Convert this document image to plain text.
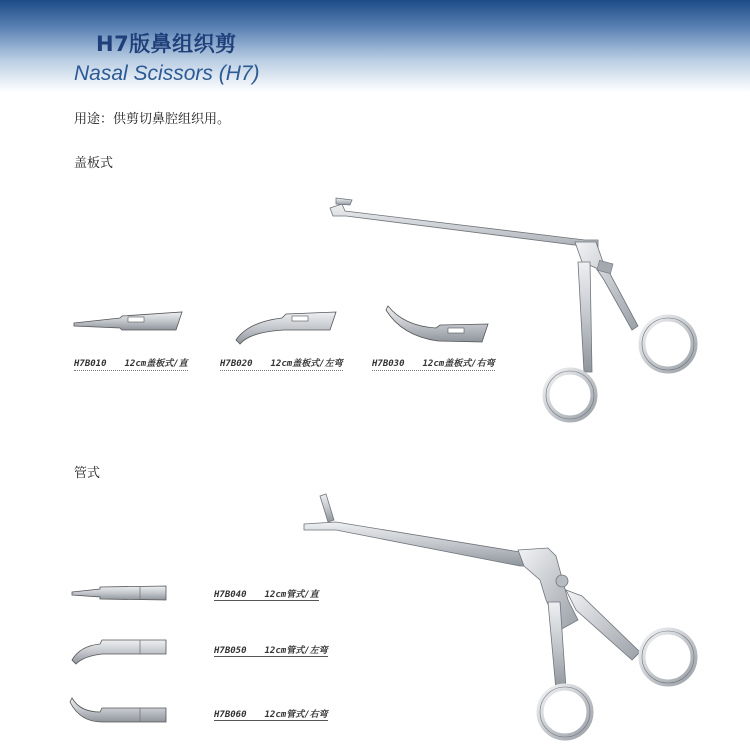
H7版鼻组织剪
Nasal Scissors (H7)
用途：供剪切鼻腔组织用。
盖板式
管式
H7B010 12cm盖板式/直	H7B020 12cm盖板式/左弯	H7B030 12cm盖板式/右弯
H7B040 12cm管式/直
H7B050 12cm管式/左弯
H7B060 12cm管式/右弯
